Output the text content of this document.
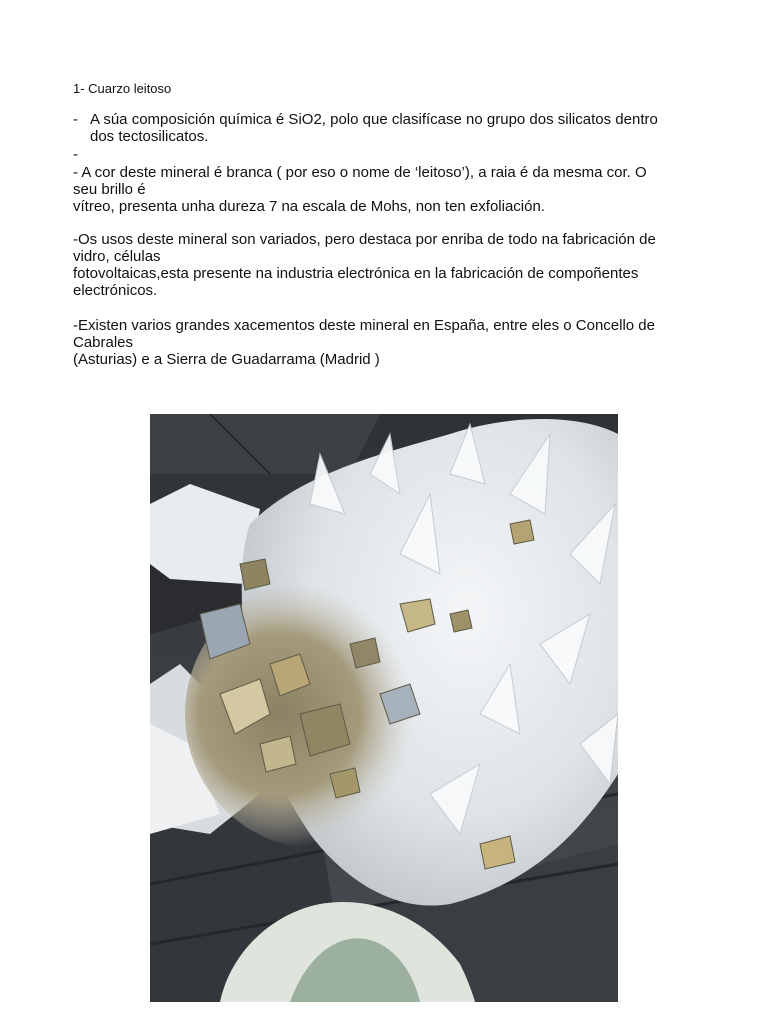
1- Cuarzo leitoso

- A súa composición química é SiO2, polo que clasifícase no grupo dos silicatos dentro
dos tectosilicatos.
-

- A cor deste mineral é branca ( por eso o nome de ‘leitoso’), a raia é da mesma cor. O
seu brillo é
vítreo, presenta unha dureza 7 na escala de Mohs, non ten exfoliación.

-Os usos deste mineral son variados, pero destaca por enriba de todo na fabricación de
vidro, células
fotovoltaicas,esta presente na industria electrónica en la fabricación de compoñentes
electrónicos.

-Existen varios grandes xacementos deste mineral en España, entre eles o Concello de
Cabrales
(Asturias) e a Sierra de Guadarrama (Madrid )
